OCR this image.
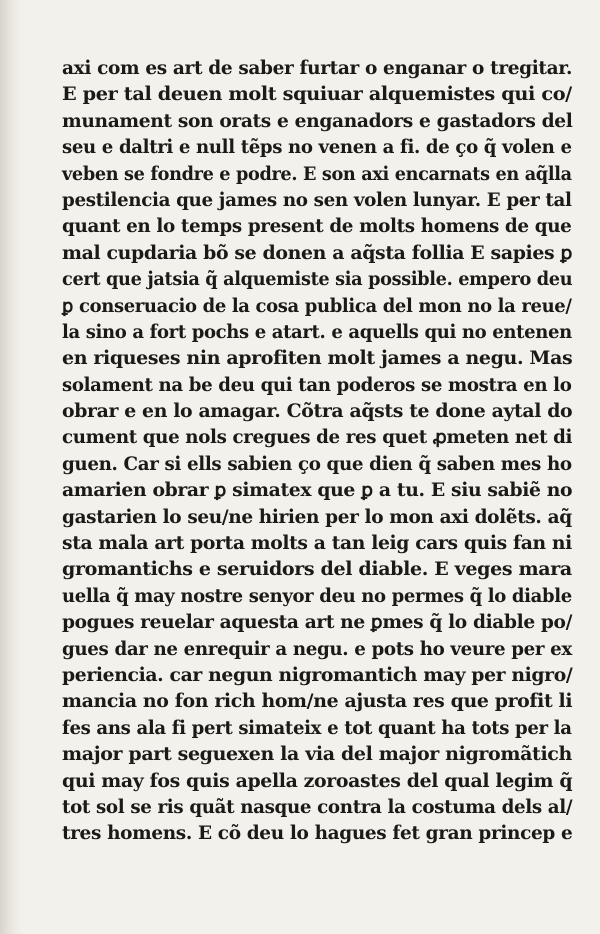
axi com es art de saber furtar o enganar o tregitar.
E per tal deuen molt squiuar alquemistes qui co/
munament son orats e enganadors e gastadors del
seu e daltri e null tẽps no venen a fi. de ço q̃ volen e
veben se fondre e podre. E son axi encarnats en aq̃lla
pestilencia que james no sen volen lunyar. E per tal
quant en lo temps present de molts homens de que
mal cupdaria bõ se donen a aq̃sta follia E sapies ꝑ
cert que jatsia q̃ alquemiste sia possible. empero deu
ꝑ conseruacio de la cosa publica del mon no la reue/
la sino a fort pochs e atart. e aquells qui no entenen
en riqueses nin aprofiten molt james a negu. Mas
solament na be deu qui tan poderos se mostra en lo
obrar e en lo amagar. Cõtra aq̃sts te done aytal do
cument que nols cregues de res quet ꝓmeten net di
guen. Car si ells sabien ço que dien q̃ saben mes ho
amarien obrar ꝑ simatex que ꝑ a tu. E siu sabiẽ no
gastarien lo seu/ne hirien per lo mon axi dolẽts. aq̃
sta mala art porta molts a tan leig cars quis fan ni
gromantichs e seruidors del diable. E veges mara
uella q̃ may nostre senyor deu no permes q̃ lo diable
pogues reuelar aquesta art ne ꝑmes q̃ lo diable po/
gues dar ne enrequir a negu. e pots ho veure per ex
periencia. car negun nigromantich may per nigro/
mancia no fon rich hom/ne ajusta res que profit li
fes ans ala fi pert simateix e tot quant ha tots per la
major part seguexen la via del major nigromãtich
qui may fos quis apella zoroastes del qual legim q̃
tot sol se ris quãt nasque contra la costuma dels al/
tres homens. E cõ deu lo hagues fet gran princep e
